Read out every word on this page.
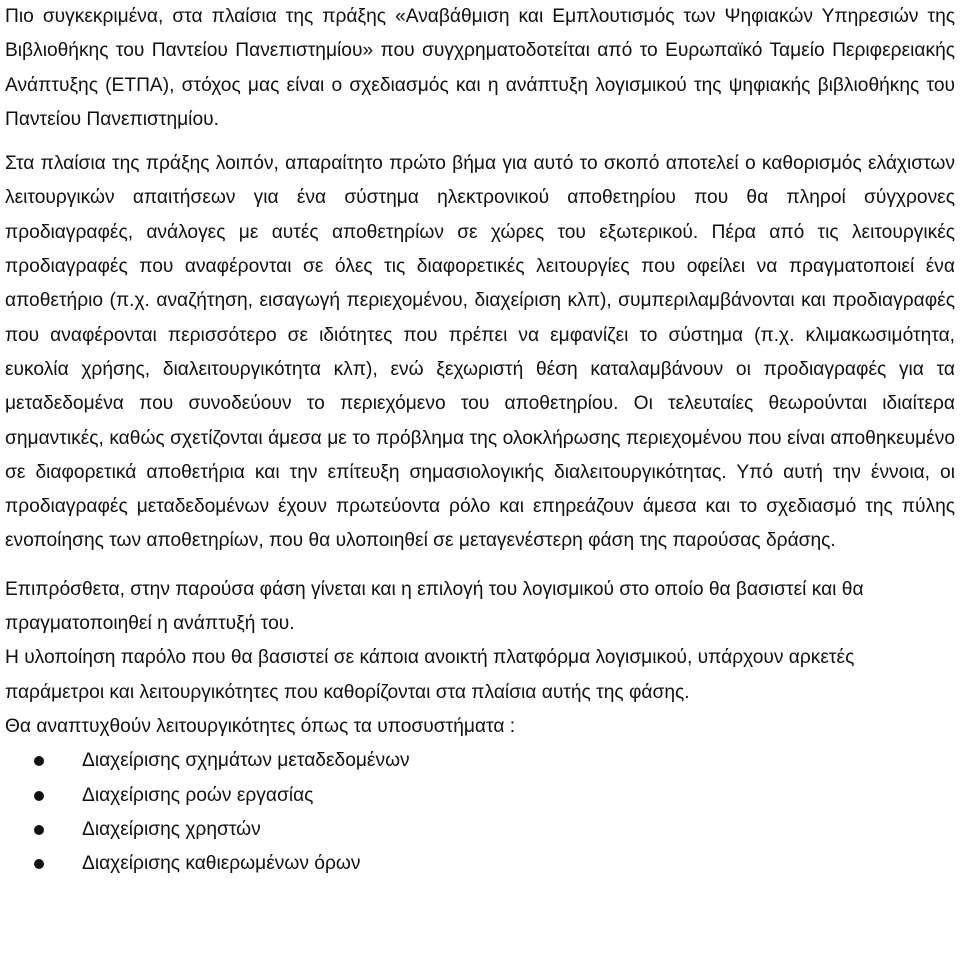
Πιο συγκεκριμένα, στα πλαίσια της πράξης «Αναβάθμιση και Εμπλουτισμός των Ψηφιακών Υπηρεσιών της Βιβλιοθήκης του Παντείου Πανεπιστημίου» που συγχρηματοδοτείται από το Ευρωπαϊκό Ταμείο Περιφερειακής Ανάπτυξης (ΕΤΠΑ), στόχος μας είναι ο σχεδιασμός και η ανάπτυξη λογισμικού της ψηφιακής βιβλιοθήκης του Παντείου Πανεπιστημίου.

Στα πλαίσια της πράξης λοιπόν, απαραίτητο πρώτο βήμα για αυτό το σκοπό αποτελεί ο καθορισμός ελάχιστων λειτουργικών απαιτήσεων για ένα σύστημα ηλεκτρονικού αποθετηρίου που θα πληροί σύγχρονες προδιαγραφές, ανάλογες με αυτές αποθετηρίων σε χώρες του εξωτερικού. Πέρα από τις λειτουργικές προδιαγραφές που αναφέρονται σε όλες τις διαφορετικές λειτουργίες που οφείλει να πραγματοποιεί ένα αποθετήριο (π.χ. αναζήτηση, εισαγωγή περιεχομένου, διαχείριση κλπ), συμπεριλαμβάνονται και προδιαγραφές που αναφέρονται περισσότερο σε ιδιότητες που πρέπει να εμφανίζει το σύστημα (π.χ. κλιμακωσιμότητα, ευκολία χρήσης, διαλειτουργικότητα κλπ), ενώ ξεχωριστή θέση καταλαμβάνουν οι προδιαγραφές για τα μεταδεδομένα που συνοδεύουν το περιεχόμενο του αποθετηρίου. Οι τελευταίες θεωρούνται ιδιαίτερα σημαντικές, καθώς σχετίζονται άμεσα με το πρόβλημα της ολοκλήρωσης περιεχομένου που είναι αποθηκευμένο σε διαφορετικά αποθετήρια και την επίτευξη σημασιολογικής διαλειτουργικότητας. Υπό αυτή την έννοια, οι προδιαγραφές μεταδεδομένων έχουν πρωτεύοντα ρόλο και επηρεάζουν άμεσα και το σχεδιασμό της πύλης ενοποίησης των αποθετηρίων, που θα υλοποιηθεί σε μεταγενέστερη φάση της παρούσας δράσης.

Επιπρόσθετα, στην παρούσα φάση γίνεται και η επιλογή του λογισμικού στο οποίο θα βασιστεί και θα πραγματοποιηθεί η ανάπτυξή του.

Η υλοποίηση παρόλο που θα βασιστεί σε κάποια ανοικτή πλατφόρμα λογισμικού, υπάρχουν αρκετές παράμετροι και λειτουργικότητες που καθορίζονται στα πλαίσια αυτής της φάσης.

Θα αναπτυχθούν λειτουργικότητες όπως τα υποσυστήματα :

Διαχείρισης σχημάτων μεταδεδομένων
Διαχείρισης ροών εργασίας
Διαχείρισης χρηστών
Διαχείρισης καθιερωμένων όρων
